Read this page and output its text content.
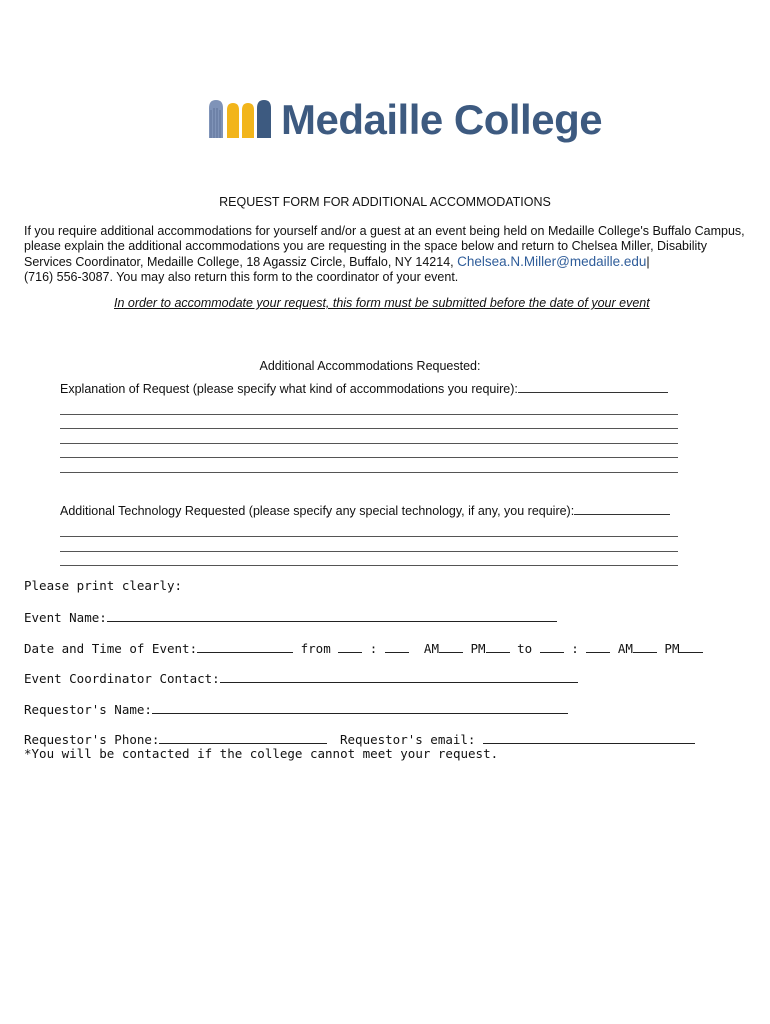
Medaille College
REQUEST FORM FOR ADDITIONAL ACCOMMODATIONS
If you require additional accommodations for yourself and/or a guest at an event being held on Medaille College's Buffalo Campus, please explain the additional accommodations you are requesting in the space below and return to Chelsea Miller, Disability Services Coordinator, Medaille College, 18 Agassiz Circle, Buffalo, NY 14214, Chelsea.N.Miller@medaille.edu|
(716) 556-3087. You may also return this form to the coordinator of your event.
In order to accommodate your request, this form must be submitted before the date of your event
Additional Accommodations Requested:
Explanation of Request (please specify what kind of accommodations you require):
Additional Technology Requested (please specify any special technology, if any, you require):
Please print clearly:
Event Name:
Date and Time of Event:	from	:	AM	PM	to	:	AM	PM
Event Coordinator Contact:
Requestor's Name:
Requestor's Phone:	Requestor's email:
*You will be contacted if the college cannot meet your request.
